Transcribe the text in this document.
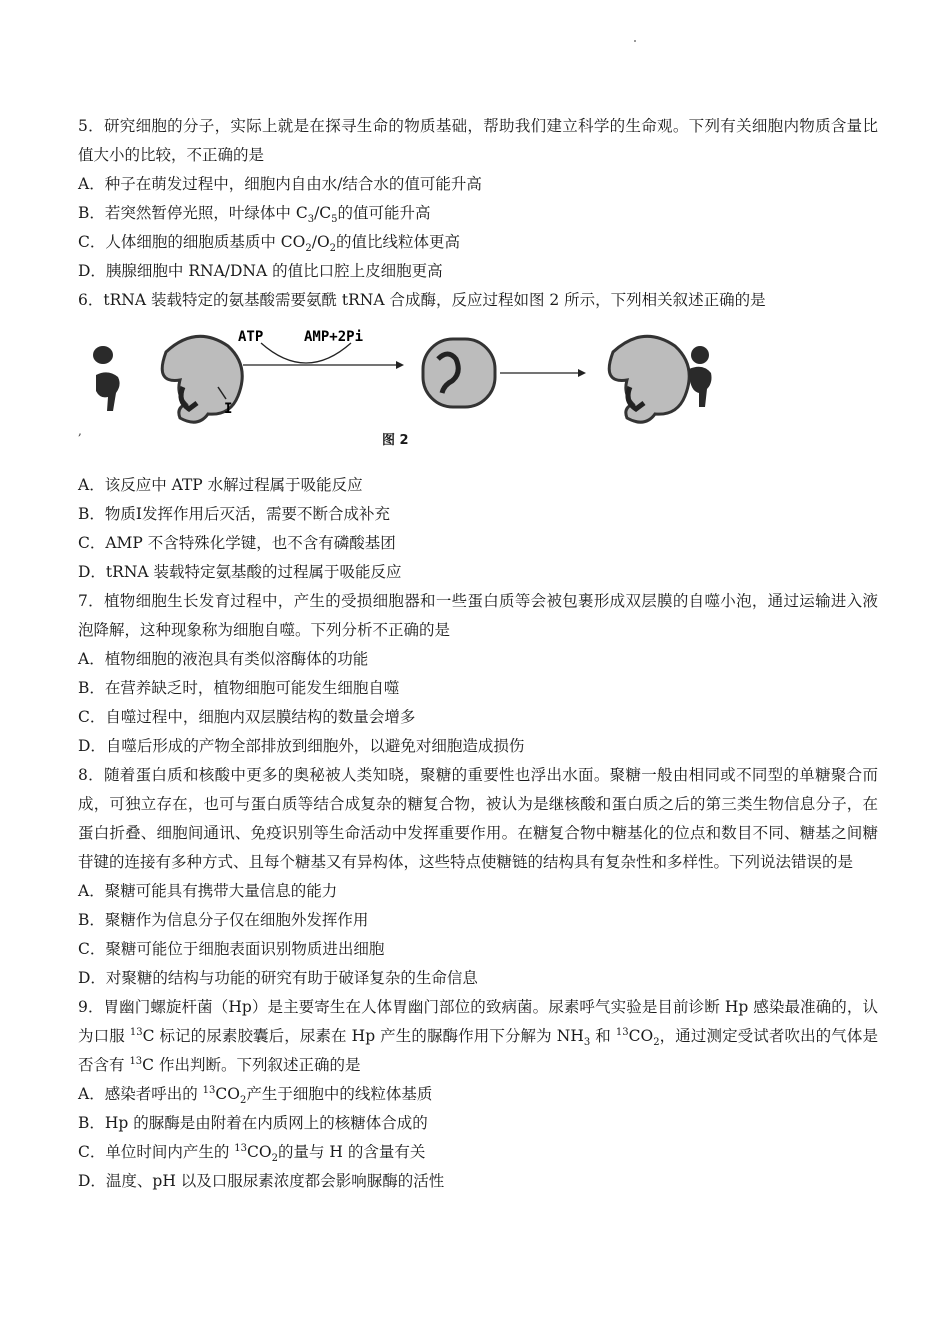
5．研究细胞的分子，实际上就是在探寻生命的物质基础，帮助我们建立科学的生命观。下列有关细胞内物质含量比值大小的比较，不正确的是

A．种子在萌发过程中，细胞内自由水/结合水的值可能升高

B．若突然暂停光照，叶绿体中 $C_3/C_5$的值可能升高

C．人体细胞的细胞质基质中 $CO_2/O_2$的值比线粒体更高

D．胰腺细胞中 RNA/DNA 的值比口腔上皮细胞更高

6．tRNA 装载特定的氨基酸需要氨酰 tRNA 合成酶，反应过程如图 2 所示，下列相关叙述正确的是

I
ATP	AMP+2Pi
,
图 2

A．该反应中 ATP 水解过程属于吸能反应

B．物质Ⅰ发挥作用后灭活，需要不断合成补充

C．AMP 不含特殊化学键，也不含有磷酸基团

D．tRNA 装载特定氨基酸的过程属于吸能反应

7．植物细胞生长发育过程中，产生的受损细胞器和一些蛋白质等会被包裹形成双层膜的自噬小泡，通过运输进入液泡降解，这种现象称为细胞自噬。下列分析不正确的是

A．植物细胞的液泡具有类似溶酶体的功能

B．在营养缺乏时，植物细胞可能发生细胞自噬

C．自噬过程中，细胞内双层膜结构的数量会增多

D．自噬后形成的产物全部排放到细胞外，以避免对细胞造成损伤

8．随着蛋白质和核酸中更多的奥秘被人类知晓，聚糖的重要性也浮出水面。聚糖一般由相同或不同型的单糖聚合而成，可独立存在，也可与蛋白质等结合成复杂的糖复合物，被认为是继核酸和蛋白质之后的第三类生物信息分子，在蛋白折叠、细胞间通讯、免疫识别等生命活动中发挥重要作用。在糖复合物中糖基化的位点和数目不同、糖基之间糖苷键的连接有多种方式、且每个糖基又有异构体，这些特点使糖链的结构具有复杂性和多样性。下列说法错误的是

A．聚糖可能具有携带大量信息的能力

B．聚糖作为信息分子仅在细胞外发挥作用

C．聚糖可能位于细胞表面识别物质进出细胞

D．对聚糖的结构与功能的研究有助于破译复杂的生命信息

9．胃幽门螺旋杆菌（Hp）是主要寄生在人体胃幽门部位的致病菌。尿素呼气实验是目前诊断 Hp 感染最准确的，认为口服 $^{13}$C 标记的尿素胶囊后，尿素在 Hp 产生的脲酶作用下分解为 $NH_3$ 和 $^{13}CO_2$，通过测定受试者吹出的气体是否含有 $^{13}$C 作出判断。下列叙述正确的是

A．感染者呼出的 $^{13}CO_2$产生于细胞中的线粒体基质

B．Hp 的脲酶是由附着在内质网上的核糖体合成的

C．单位时间内产生的 $^{13}CO_2$的量与 H 的含量有关

D．温度、pH 以及口服尿素浓度都会影响脲酶的活性
